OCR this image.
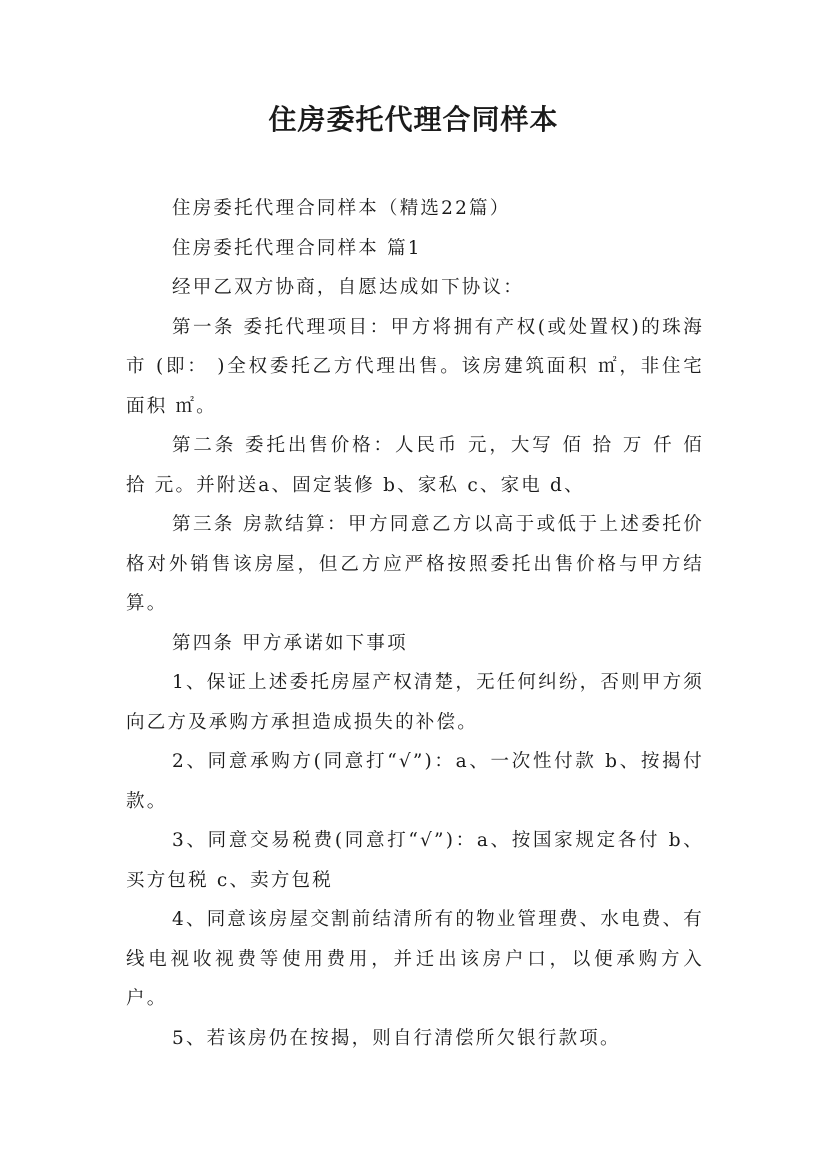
住房委托代理合同样本

住房委托代理合同样本（精选22篇）

住房委托代理合同样本 篇1

经甲乙双方协商，自愿达成如下协议：

第一条 委托代理项目：甲方将拥有产权(或处置权)的珠海市 (即： )全权委托乙方代理出售。该房建筑面积 ㎡，非住宅面积 ㎡。

第二条 委托出售价格：人民币 元，大写 佰 拾 万 仟 佰 拾 元。并附送a、固定装修 b、家私 c、家电 d、

第三条 房款结算：甲方同意乙方以高于或低于上述委托价格对外销售该房屋，但乙方应严格按照委托出售价格与甲方结算。

第四条 甲方承诺如下事项

1、保证上述委托房屋产权清楚，无任何纠纷，否则甲方须向乙方及承购方承担造成损失的补偿。

2、同意承购方(同意打“√”)：a、一次性付款 b、按揭付款。

3、同意交易税费(同意打“√”)：a、按国家规定各付 b、买方包税 c、卖方包税

4、同意该房屋交割前结清所有的物业管理费、水电费、有线电视收视费等使用费用，并迁出该房户口，以便承购方入户。

5、若该房仍在按揭，则自行清偿所欠银行款项。
